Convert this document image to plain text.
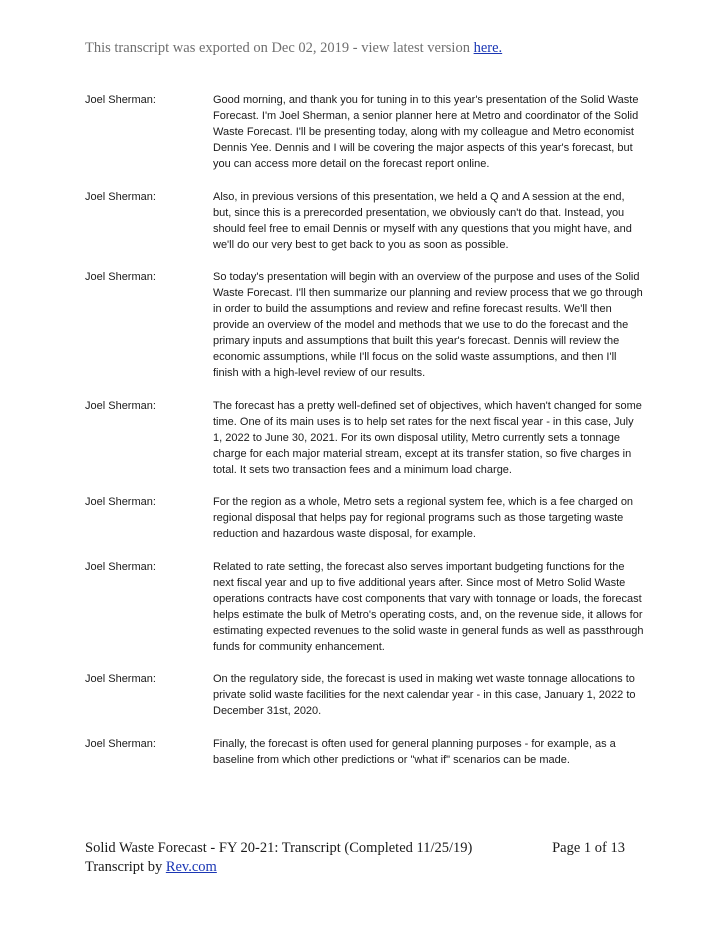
This transcript was exported on Dec 02, 2019 - view latest version here.
Joel Sherman:	Good morning, and thank you for tuning in to this year's presentation of the Solid Waste Forecast. I'm Joel Sherman, a senior planner here at Metro and coordinator of the Solid Waste Forecast. I'll be presenting today, along with my colleague and Metro economist Dennis Yee. Dennis and I will be covering the major aspects of this year's forecast, but you can access more detail on the forecast report online.
Joel Sherman:	Also, in previous versions of this presentation, we held a Q and A session at the end, but, since this is a prerecorded presentation, we obviously can't do that. Instead, you should feel free to email Dennis or myself with any questions that you might have, and we'll do our very best to get back to you as soon as possible.
Joel Sherman:	So today's presentation will begin with an overview of the purpose and uses of the Solid Waste Forecast. I'll then summarize our planning and review process that we go through in order to build the assumptions and review and refine forecast results. We'll then provide an overview of the model and methods that we use to do the forecast and the primary inputs and assumptions that built this year's forecast. Dennis will review the economic assumptions, while I'll focus on the solid waste assumptions, and then I'll finish with a high-level review of our results.
Joel Sherman:	The forecast has a pretty well-defined set of objectives, which haven't changed for some time. One of its main uses is to help set rates for the next fiscal year - in this case, July 1, 2022 to June 30, 2021. For its own disposal utility, Metro currently sets a tonnage charge for each major material stream, except at its transfer station, so five charges in total. It sets two transaction fees and a minimum load charge.
Joel Sherman:	For the region as a whole, Metro sets a regional system fee, which is a fee charged on regional disposal that helps pay for regional programs such as those targeting waste reduction and hazardous waste disposal, for example.
Joel Sherman:	Related to rate setting, the forecast also serves important budgeting functions for the next fiscal year and up to five additional years after. Since most of Metro Solid Waste operations contracts have cost components that vary with tonnage or loads, the forecast helps estimate the bulk of Metro's operating costs, and, on the revenue side, it allows for estimating expected revenues to the solid waste in general funds as well as passthrough funds for community enhancement.
Joel Sherman:	On the regulatory side, the forecast is used in making wet waste tonnage allocations to private solid waste facilities for the next calendar year - in this case, January 1, 2022 to December 31st, 2020.
Joel Sherman:	Finally, the forecast is often used for general planning purposes - for example, as a baseline from which other predictions or "what if" scenarios can be made.
Solid Waste Forecast - FY 20-21: Transcript (Completed 11/25/19)	Page 1 of 13
Transcript by Rev.com
